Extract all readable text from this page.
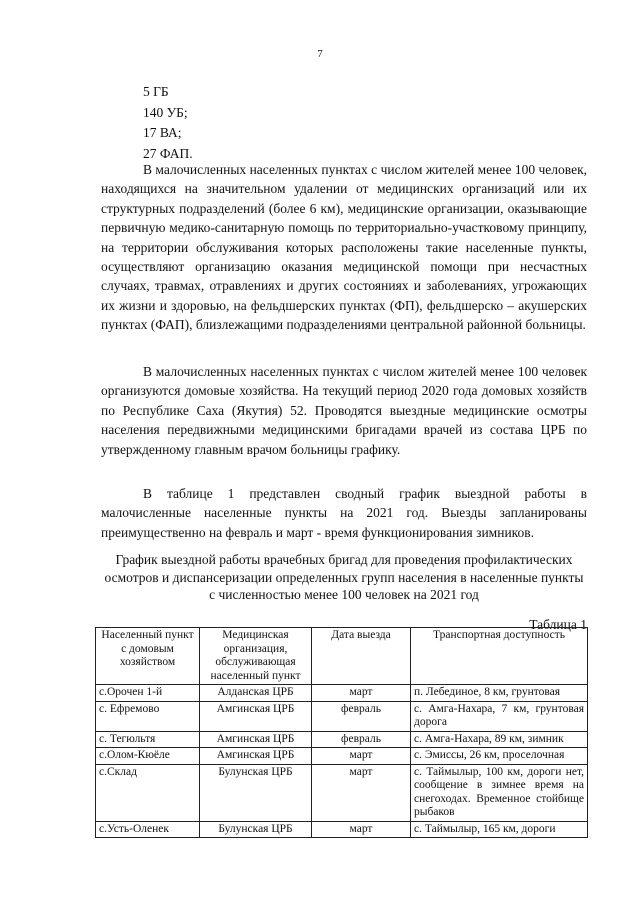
7
5 ГБ
140 УБ;
17 ВА;
27 ФАП.
В малочисленных населенных пунктах с числом жителей менее 100 человек, находящихся на значительном удалении от медицинских организаций или их структурных подразделений (более 6 км), медицинские организации, оказывающие первичную медико-санитарную помощь по территориально-участковому принципу, на территории обслуживания которых расположены такие населенные пункты, осуществляют организацию оказания медицинской помощи при несчастных случаях, травмах, отравлениях и других состояниях и заболеваниях, угрожающих их жизни и здоровью, на фельдшерских пунктах (ФП), фельдшерско – акушерских пунктах (ФАП), близлежащими подразделениями центральной районной больницы.
В малочисленных населенных пунктах с числом жителей менее 100 человек организуются домовые хозяйства. На текущий период 2020 года домовых хозяйств по Республике Саха (Якутия) 52. Проводятся выездные медицинские осмотры населения передвижными медицинскими бригадами врачей из состава ЦРБ по утвержденному главным врачом больницы графику.
В таблице 1 представлен сводный график выездной работы в малочисленные населенные пункты на 2021 год. Выезды запланированы преимущественно на февраль и март - время функционирования зимников.
График выездной работы врачебных бригад для проведения профилактических осмотров и диспансеризации определенных групп населения в населенные пункты с численностью менее 100 человек на 2021 год
Таблица 1
Населенный пункт с домовым хозяйством	Медицинская организация, обслуживающая населенный пункт	Дата выезда	Транспортная доступность
с.Орочен 1-й	Алданская ЦРБ	март	п. Лебединое, 8 км, грунтовая
с. Ефремово	Амгинская ЦРБ	февраль	с. Амга-Нахара, 7 км, грунтовая дорога
с. Тегюльтя	Амгинская ЦРБ	февраль	с. Амга-Нахара, 89 км, зимник
с.Олом-Кюёле	Амгинская ЦРБ	март	с. Эмиссы, 26 км, проселочная
с.Склад	Булунская ЦРБ	март	с. Таймылыр, 100 км, дороги нет, сообщение в зимнее время на снегоходах. Временное стойбище рыбаков
с.Усть-Оленек	Булунская ЦРБ	март	с. Таймылыр, 165 км, дороги
